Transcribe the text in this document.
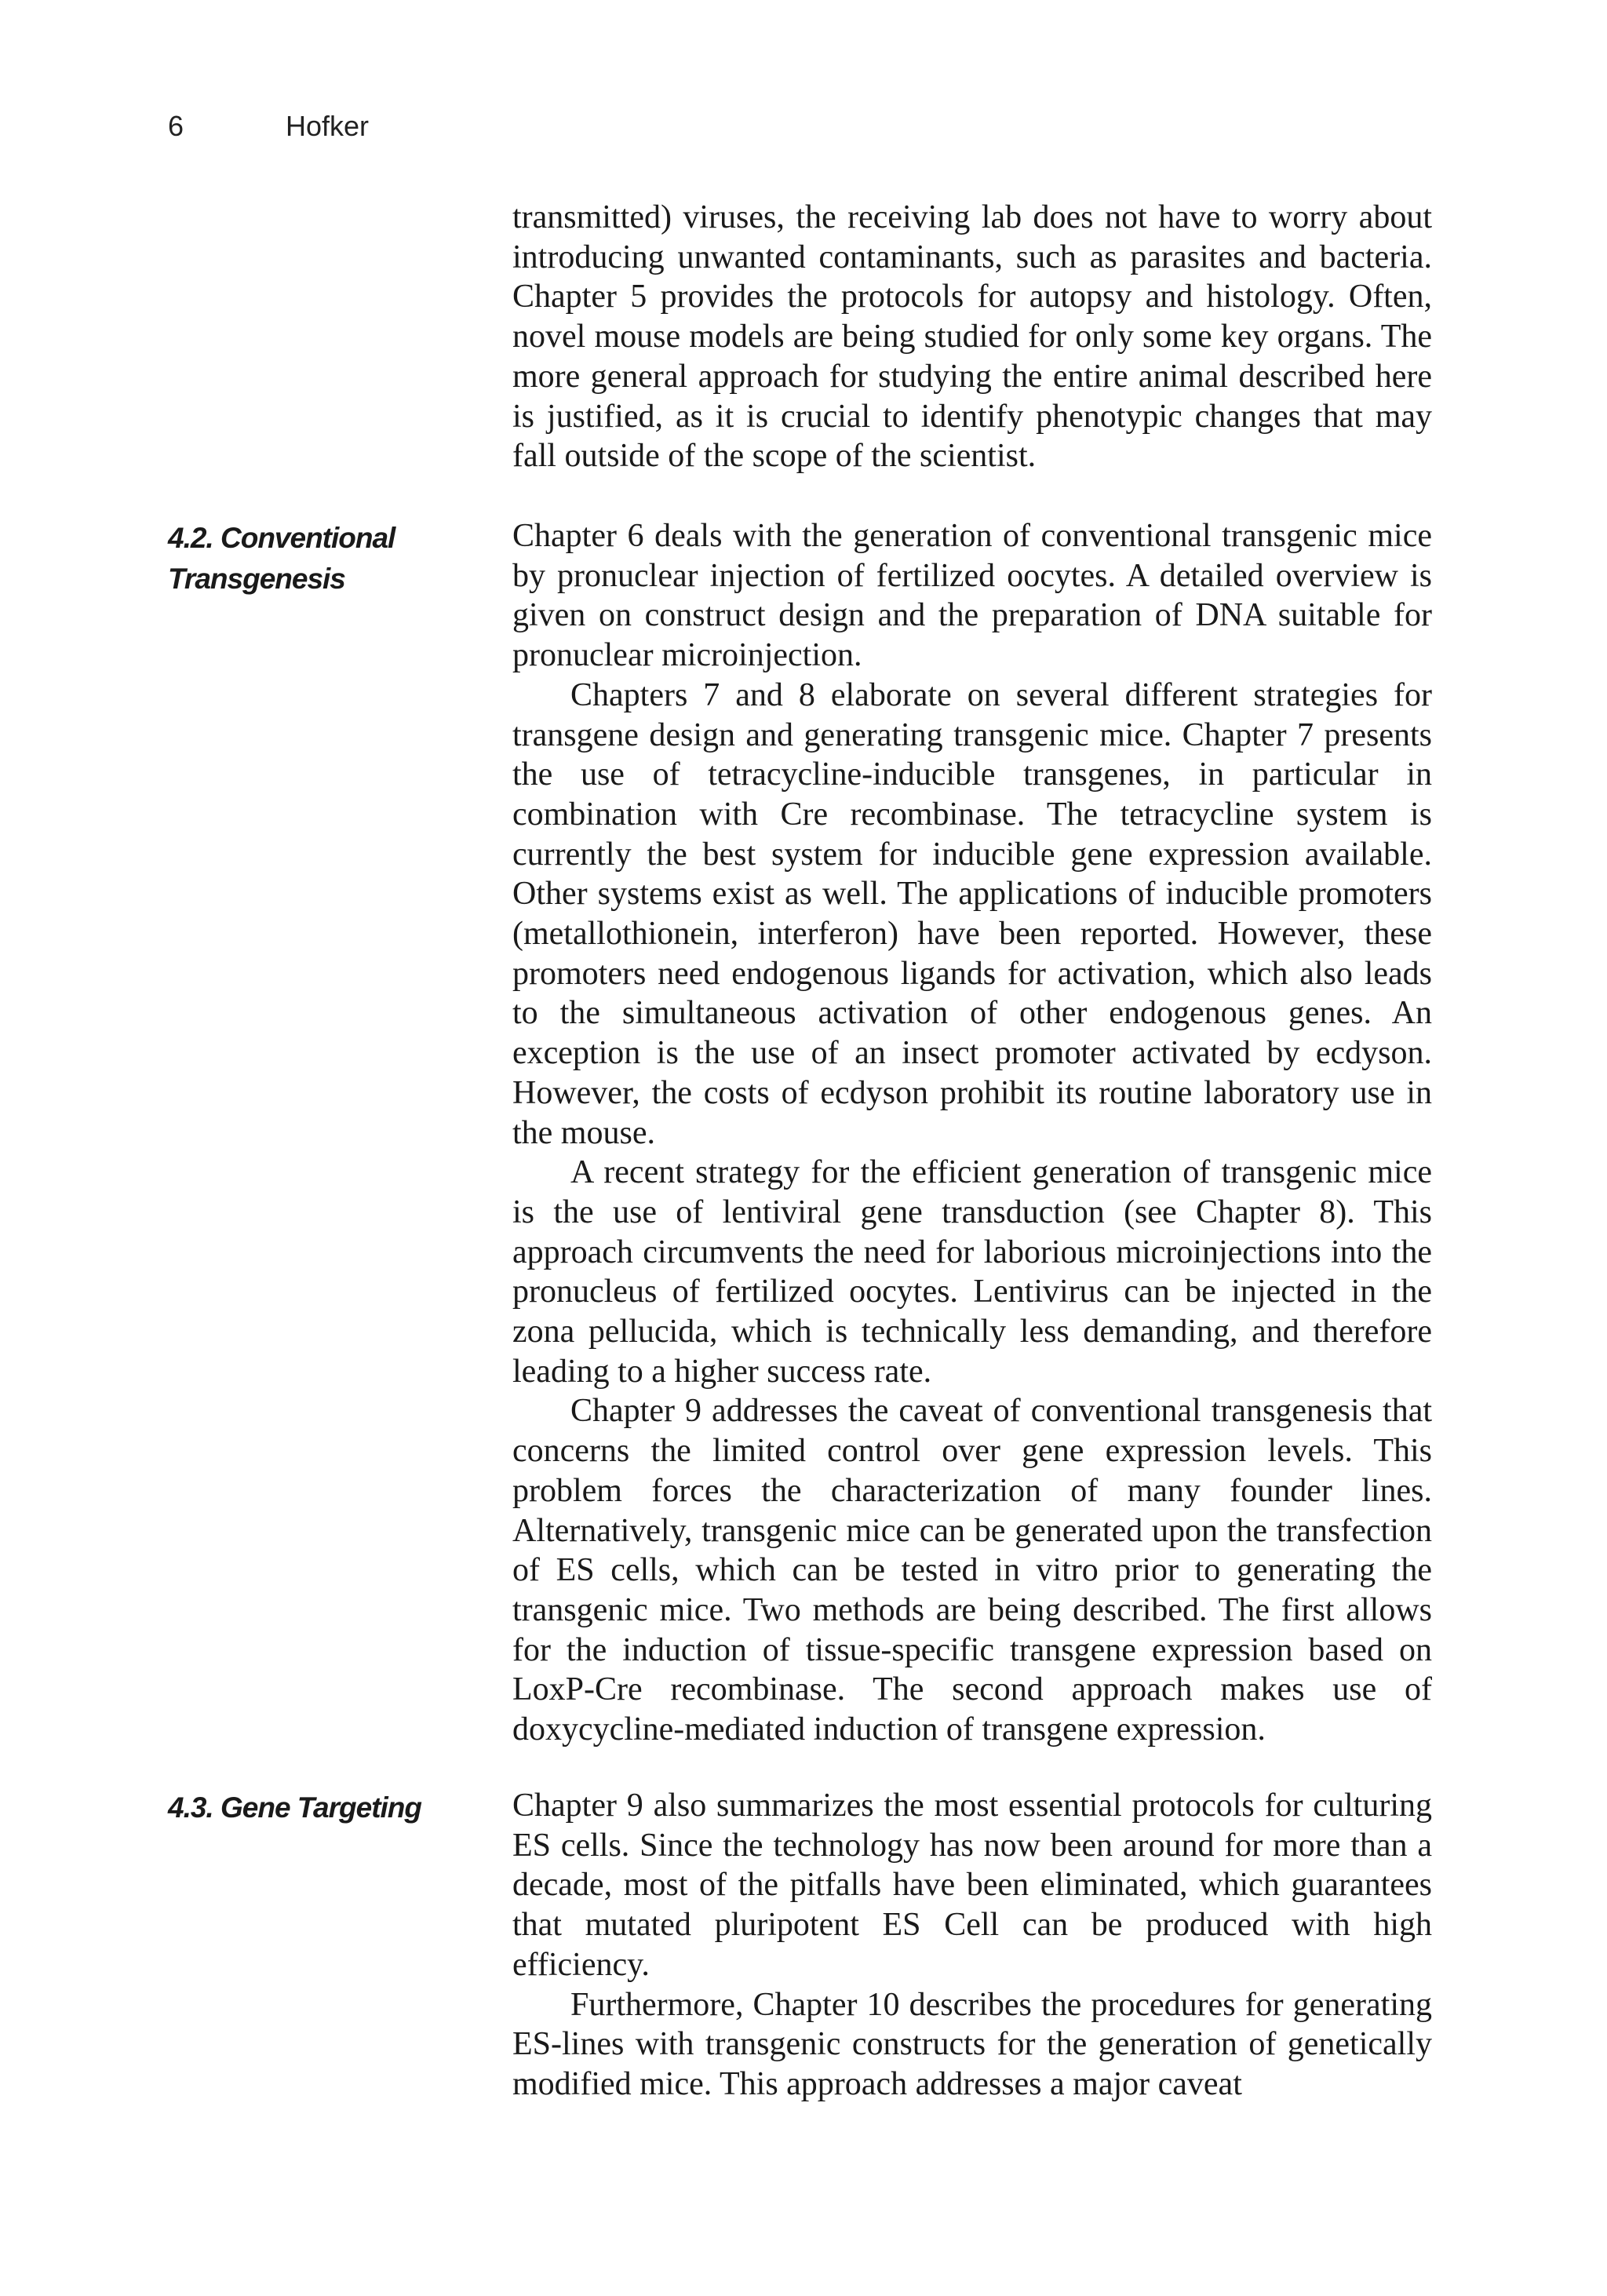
6	Hofker

transmitted) viruses, the receiving lab does not have to worry about introducing unwanted contaminants, such as parasites and bacteria. Chapter 5 provides the protocols for autopsy and histology. Often, novel mouse models are being studied for only some key organs. The more general approach for studying the entire animal described here is justified, as it is crucial to identify phenotypic changes that may fall outside of the scope of the scientist.

4.2. Conventional Transgenesis

Chapter 6 deals with the generation of conventional transgenic mice by pronuclear injection of fertilized oocytes. A detailed overview is given on construct design and the preparation of DNA suitable for pronuclear microinjection.

Chapters 7 and 8 elaborate on several different strategies for transgene design and generating transgenic mice. Chapter 7 presents the use of tetracycline-inducible transgenes, in particular in combination with Cre recombinase. The tetracycline system is currently the best system for inducible gene expression available. Other systems exist as well. The applications of inducible promoters (metallothionein, interferon) have been reported. However, these promoters need endogenous ligands for activation, which also leads to the simultaneous activation of other endogenous genes. An exception is the use of an insect promoter activated by ecdyson. However, the costs of ecdyson prohibit its routine laboratory use in the mouse.

A recent strategy for the efficient generation of transgenic mice is the use of lentiviral gene transduction (see Chapter 8). This approach circumvents the need for laborious microinjections into the pronucleus of fertilized oocytes. Lentivirus can be injected in the zona pellucida, which is technically less demanding, and therefore leading to a higher success rate.

Chapter 9 addresses the caveat of conventional transgenesis that concerns the limited control over gene expression levels. This problem forces the characterization of many founder lines. Alternatively, transgenic mice can be generated upon the transfection of ES cells, which can be tested in vitro prior to generating the transgenic mice. Two methods are being described. The first allows for the induction of tissue-specific transgene expression based on LoxP-Cre recombinase. The second approach makes use of doxycycline-mediated induction of transgene expression.

4.3. Gene Targeting	Chapter 9 also summarizes the most essential protocols for culturing ES cells. Since the technology has now been around for more than a decade, most of the pitfalls have been eliminated, which guarantees that mutated pluripotent ES Cell can be produced with high efficiency.

Furthermore, Chapter 10 describes the procedures for generating ES-lines with transgenic constructs for the generation of genetically modified mice. This approach addresses a major caveat
